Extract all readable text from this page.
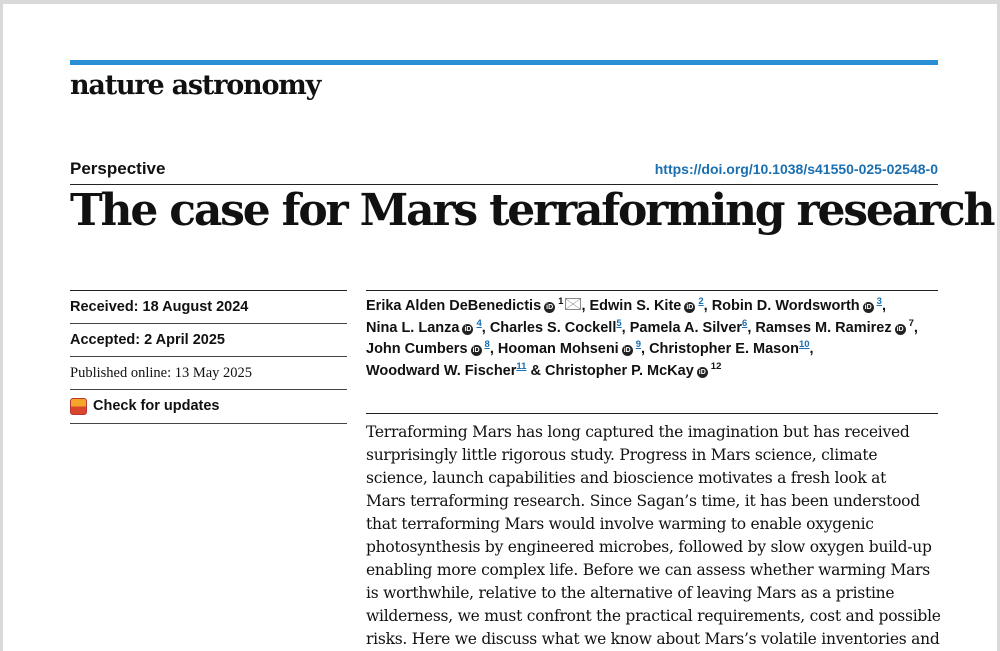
nature astronomy
Perspective	https://doi.org/10.1038/s41550-025-02548-0
The case for Mars terraforming research
Received: 18 August 2024
Accepted: 2 April 2025
Published online: 13 May 2025
Check for updates
Erika Alden DeBenedictis iD$^1$ , Edwin S. Kite iD$^2$, Robin D. Wordsworth iD$^3$,
Nina L. Lanza iD$^4$, Charles S. Cockell$^5$, Pamela A. Silver$^6$, Ramses M. Ramirez iD$^7$,
John Cumbers iD$^8$, Hooman Mohseni iD$^9$, Christopher E. Mason$^{10}$,
Woodward W. Fischer$^{11}$ & Christopher P. McKay iD$^{12}$
Terraforming Mars has long captured the imagination but has received
surprisingly little rigorous study. Progress in Mars science, climate
science, launch capabilities and bioscience motivates a fresh look at
Mars terraforming research. Since Sagan’s time, it has been understood
that terraforming Mars would involve warming to enable oxygenic
photosynthesis by engineered microbes, followed by slow oxygen build-up
enabling more complex life. Before we can assess whether warming Mars
is worthwhile, relative to the alternative of leaving Mars as a pristine
wilderness, we must confront the practical requirements, cost and possible
risks. Here we discuss what we know about Mars’s volatile inventories and
